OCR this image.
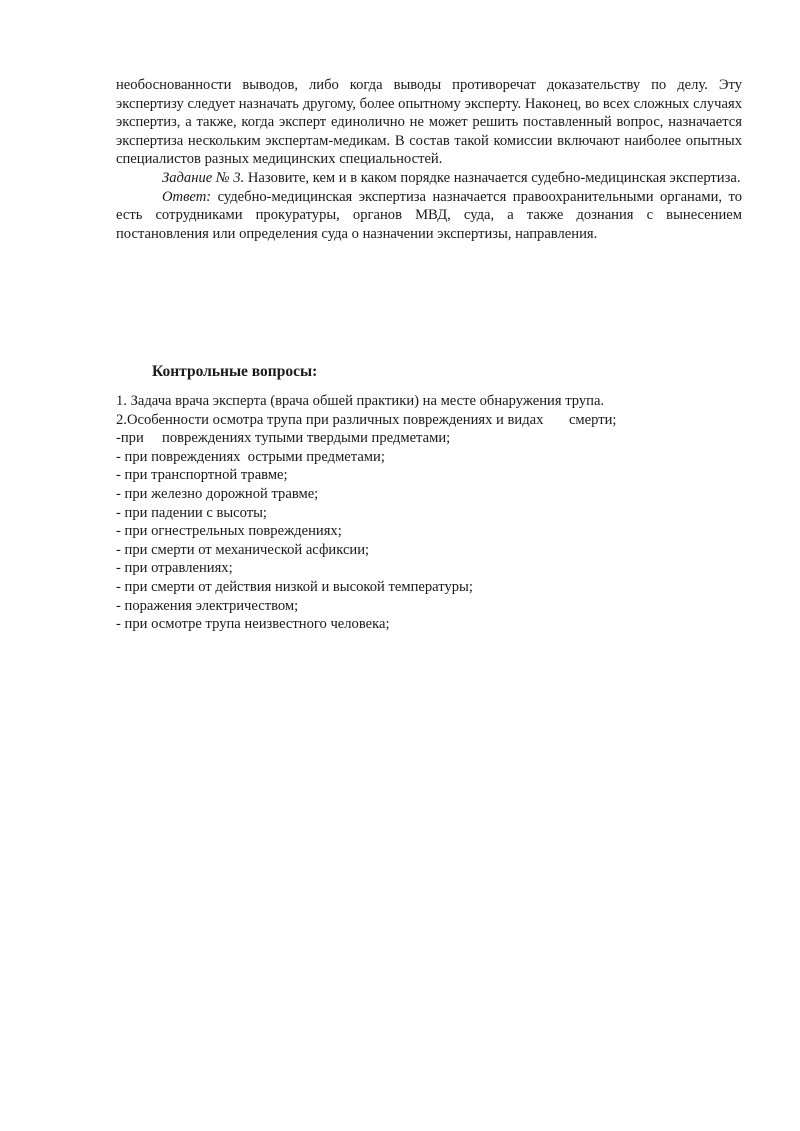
необоснованности выводов, либо когда выводы противоречат доказательству по делу. Эту экспертизу следует назначать другому, более опытному эксперту. Наконец, во всех сложных случаях экспертиз, а также, когда эксперт единолично не может решить поставленный вопрос, назначается экспертиза нескольким экспертам-медикам. В состав такой комиссии включают наиболее опытных специалистов разных медицинских специальностей.

Задание № 3. Назовите, кем и в каком порядке назначается судебно-медицинская экспертиза.

Ответ: судебно-медицинская экспертиза назначается правоохранительными органами, то есть сотрудниками прокуратуры, органов МВД, суда, а также дознания с вынесением постановления или определения суда о назначении экспертизы, направления.

Контрольные вопросы:

1. Задача врача эксперта (врача обшей практики) на месте обнаружения трупа.

2.Особенности осмотра трупа при различных повреждениях и видах       смерти;

-при     повреждениях тупыми твердыми предметами;

- при повреждениях  острыми предметами;

- при транспортной травме;

- при железно дорожной травме;

- при падении с высоты;

- при огнестрельных повреждениях;

- при смерти от механической асфиксии;

- при отравлениях;

- при смерти от действия низкой и высокой температуры;

- поражения электричеством;

- при осмотре трупа неизвестного человека;
